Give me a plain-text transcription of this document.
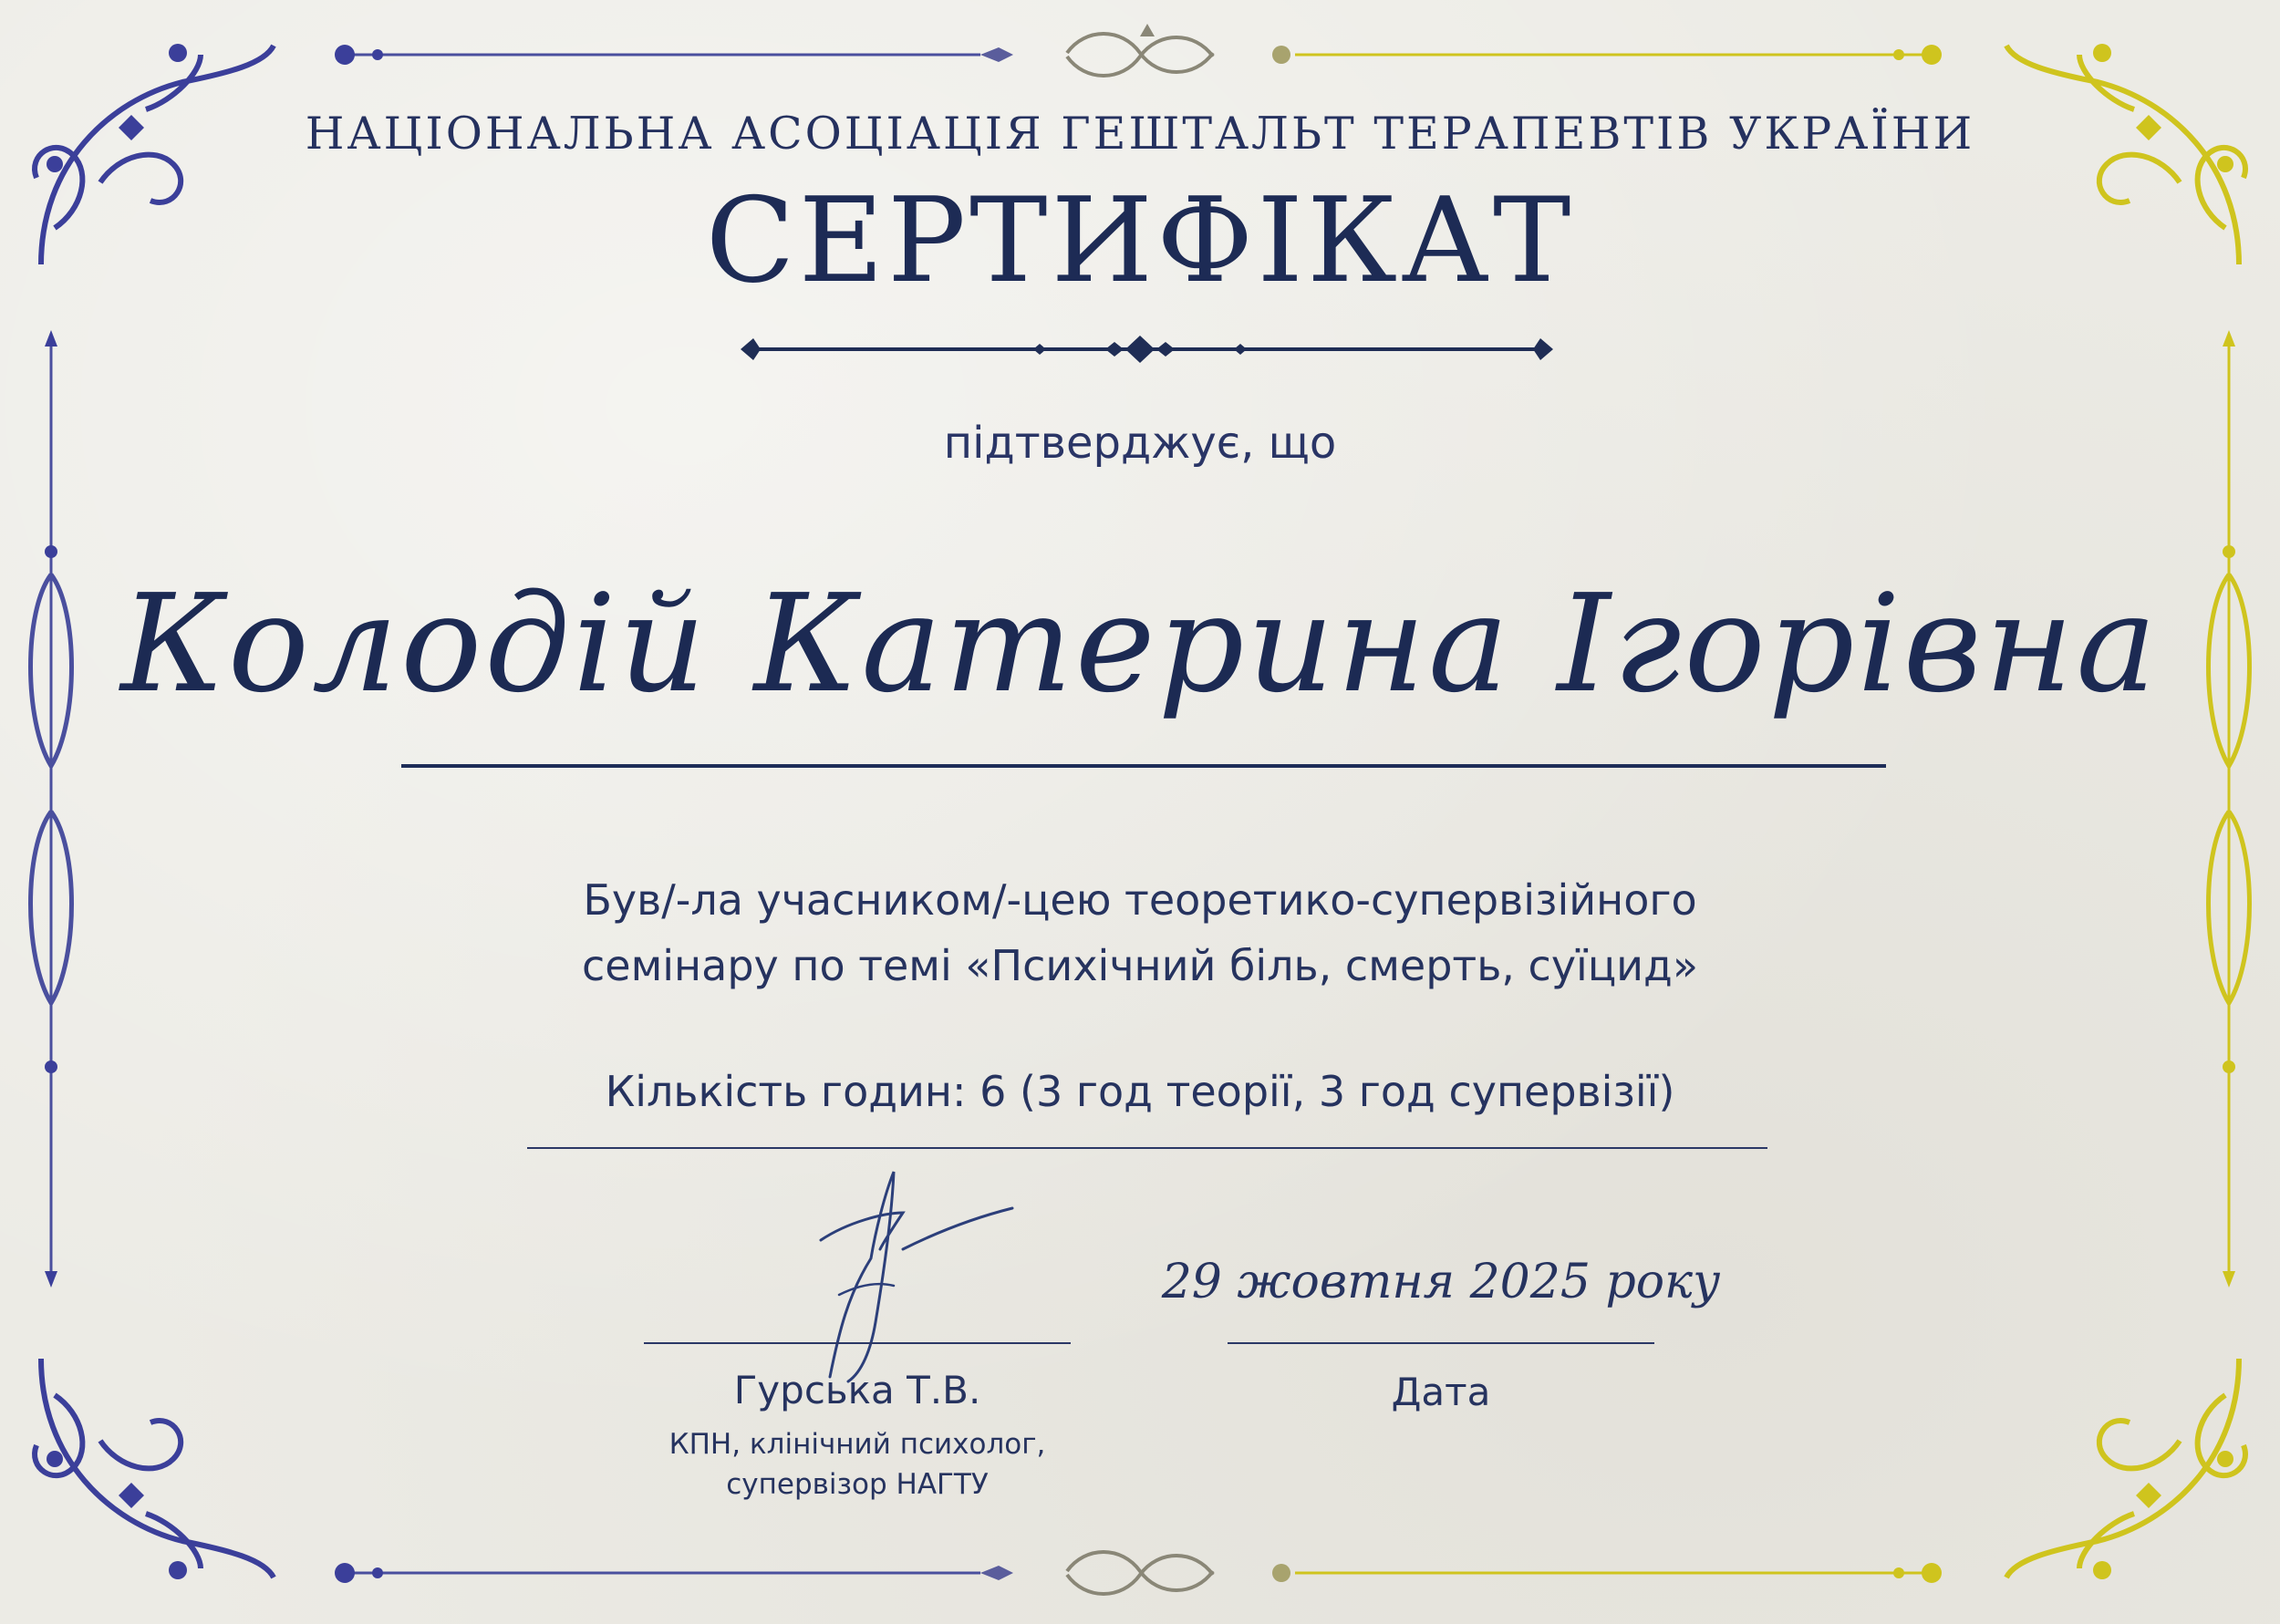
НАЦІОНАЛЬНА АСОЦІАЦІЯ ГЕШТАЛЬТ ТЕРАПЕВТІВ УКРАЇНИ
СЕРТИФІКАТ
підтверджує, що
Колодій Катерина Ігорівна
Був/-ла учасником/-цею теоретико-супервізійного
семінару по темі «Психічний біль, смерть, суїцид»
Кількість годин: 6 (3 год теорії, 3 год супервізії)
Гурська Т.В.
КПН, клінічний психолог,
супервізор НАГТУ
29 жовтня 2025 року
Дата
